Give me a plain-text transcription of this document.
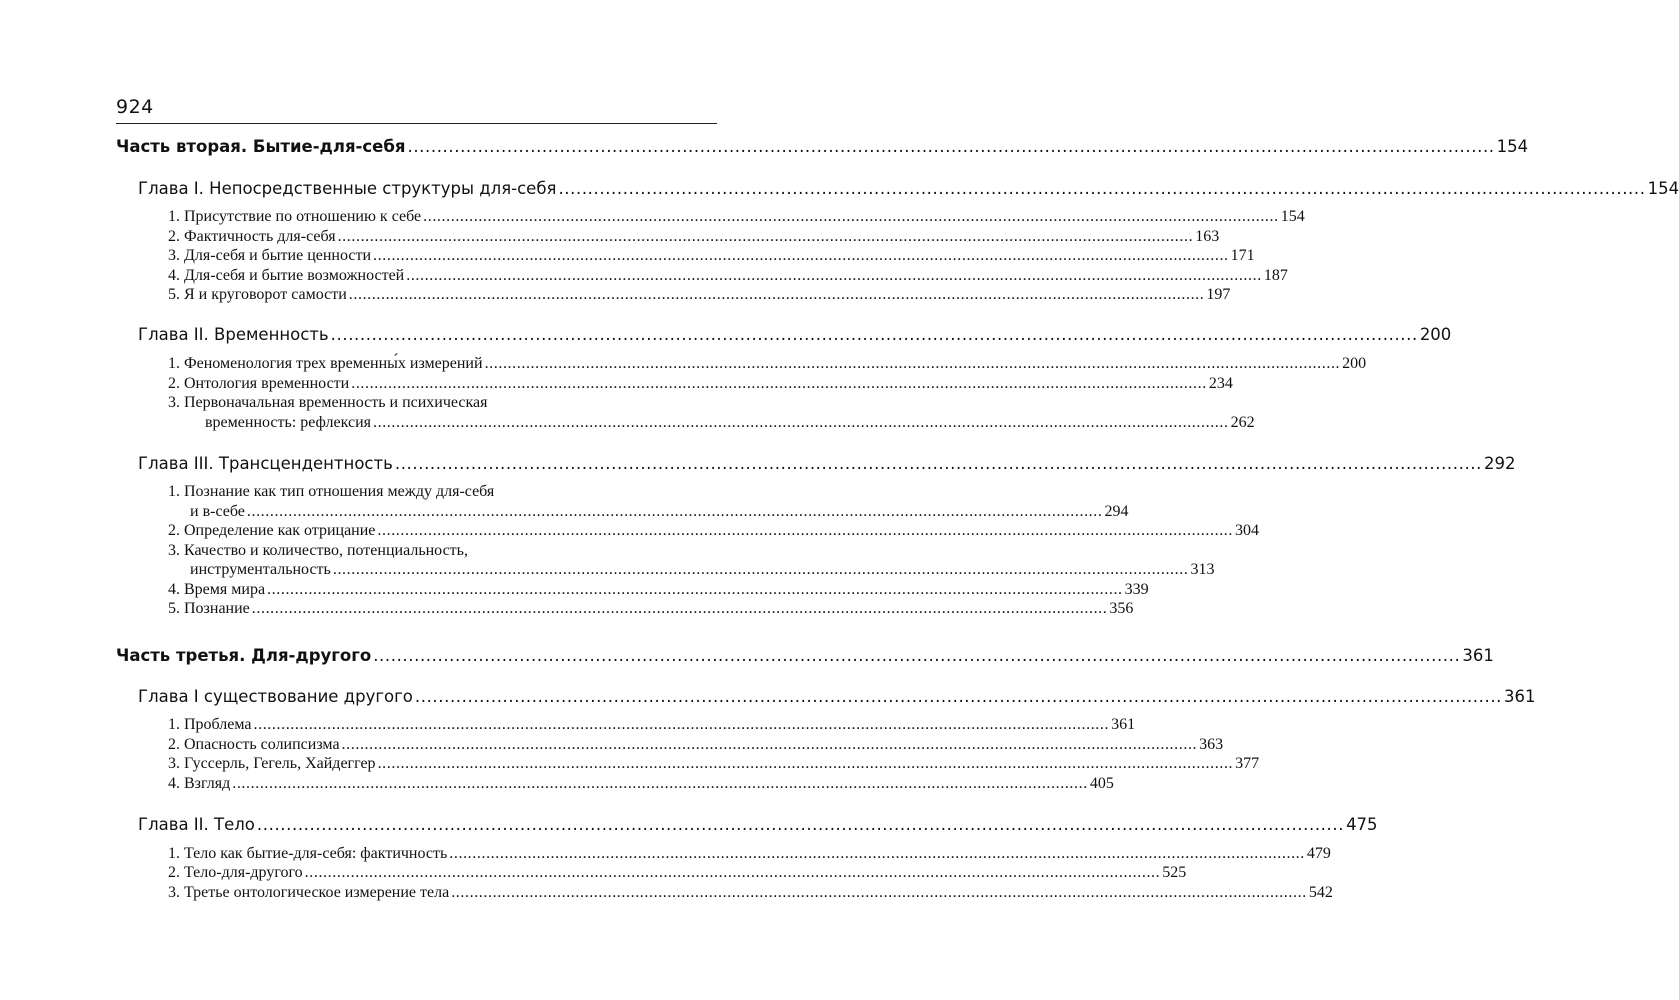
924
Часть вторая. Бытие-для-себя .......................................................................................................................................................................................... 154
Глава I. Непосредственные структуры для-себя .......................................................................................................................................................................................... 154
1. Присутствие по отношению к себе .......................................................................................................................................................................................... 154
2. Фактичность для-себя .......................................................................................................................................................................................... 163
3. Для-себя и бытие ценности .......................................................................................................................................................................................... 171
4. Для-себя и бытие возможностей .......................................................................................................................................................................................... 187
5. Я и круговорот самости .......................................................................................................................................................................................... 197
Глава II. Временность .......................................................................................................................................................................................... 200
1. Феноменология трех временны́х измерений .......................................................................................................................................................................................... 200
2. Онтология временности .......................................................................................................................................................................................... 234
3. Первоначальная временность и психическая
временность: рефлексия .......................................................................................................................................................................................... 262
Глава III. Трансцендентность .......................................................................................................................................................................................... 292
1. Познание как тип отношения между для-себя
и в-себе .......................................................................................................................................................................................... 294
2. Определение как отрицание .......................................................................................................................................................................................... 304
3. Качество и количество, потенциальность,
инструментальность .......................................................................................................................................................................................... 313
4. Время мира .......................................................................................................................................................................................... 339
5. Познание .......................................................................................................................................................................................... 356
Часть третья. Для-другого .......................................................................................................................................................................................... 361
Глава I существование другого .......................................................................................................................................................................................... 361
1. Проблема .......................................................................................................................................................................................... 361
2. Опасность солипсизма .......................................................................................................................................................................................... 363
3. Гуссерль, Гегель, Хайдеггер .......................................................................................................................................................................................... 377
4. Взгляд .......................................................................................................................................................................................... 405
Глава II. Тело .......................................................................................................................................................................................... 475
1. Тело как бытие-для-себя: фактичность .......................................................................................................................................................................................... 479
2. Тело-для-другого .......................................................................................................................................................................................... 525
3. Третье онтологическое измерение тела .......................................................................................................................................................................................... 542
